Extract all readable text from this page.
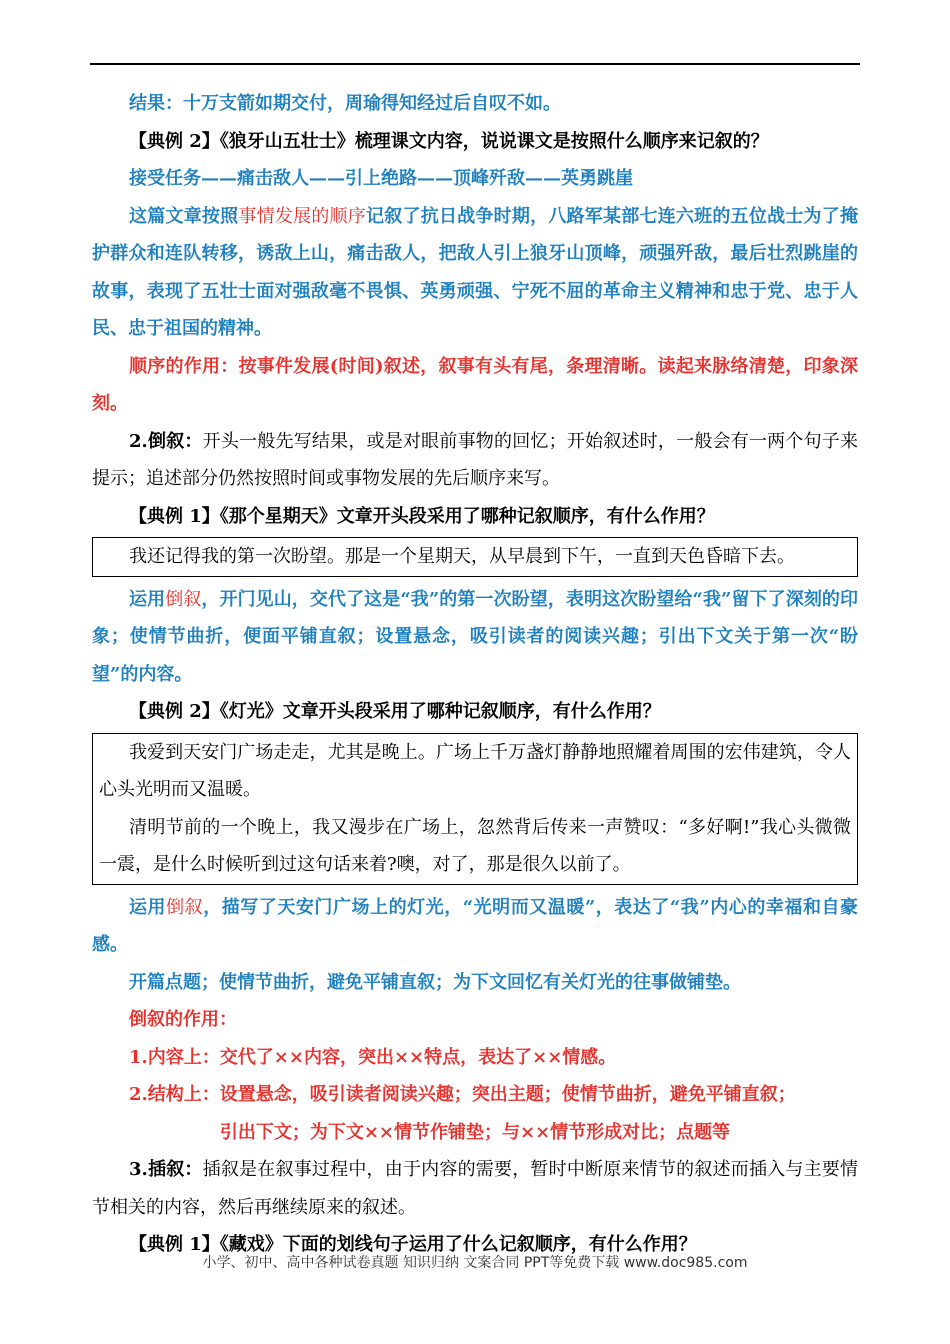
结果：十万支箭如期交付，周瑜得知经过后自叹不如。

【典例 2】《狼牙山五壮士》梳理课文内容，说说课文是按照什么顺序来记叙的？

接受任务——痛击敌人——引上绝路——顶峰歼敌——英勇跳崖

这篇文章按照事情发展的顺序记叙了抗日战争时期，八路军某部七连六班的五位战士为了掩护群众和连队转移，诱敌上山，痛击敌人，把敌人引上狼牙山顶峰，顽强歼敌，最后壮烈跳崖的故事，表现了五壮士面对强敌毫不畏惧、英勇顽强、宁死不屈的革命主义精神和忠于党、忠于人民、忠于祖国的精神。

顺序的作用：按事件发展(时间)叙述，叙事有头有尾，条理清晰。读起来脉络清楚，印象深刻。

2.倒叙：开头一般先写结果，或是对眼前事物的回忆；开始叙述时，一般会有一两个句子来提示；追述部分仍然按照时间或事物发展的先后顺序来写。

【典例 1】《那个星期天》文章开头段采用了哪种记叙顺序，有什么作用？

我还记得我的第一次盼望。那是一个星期天，从早晨到下午，一直到天色昏暗下去。

运用倒叙，开门见山，交代了这是“我”的第一次盼望，表明这次盼望给“我”留下了深刻的印象；使情节曲折，便面平铺直叙；设置悬念，吸引读者的阅读兴趣；引出下文关于第一次“盼望”的内容。

【典例 2】《灯光》文章开头段采用了哪种记叙顺序，有什么作用？

我爱到天安门广场走走，尤其是晚上。广场上千万盏灯静静地照耀着周围的宏伟建筑，令人心头光明而又温暖。

清明节前的一个晚上，我又漫步在广场上，忽然背后传来一声赞叹：“多好啊!”我心头微微一震，是什么时候听到过这句话来着?噢，对了，那是很久以前了。

运用倒叙，描写了天安门广场上的灯光，“光明而又温暖”，表达了“我”内心的幸福和自豪感。

开篇点题；使情节曲折，避免平铺直叙；为下文回忆有关灯光的往事做铺垫。

倒叙的作用：

1.内容上：交代了××内容，突出××特点，表达了××情感。

2.结构上：设置悬念，吸引读者阅读兴趣；突出主题；使情节曲折，避免平铺直叙；

引出下文；为下文××情节作铺垫；与××情节形成对比；点题等

3.插叙：插叙是在叙事过程中，由于内容的需要，暂时中断原来情节的叙述而插入与主要情节相关的内容，然后再继续原来的叙述。

【典例 1】《藏戏》下面的划线句子运用了什么记叙顺序，有什么作用？

小学、初中、高中各种试卷真题 知识归纳 文案合同 PPT等免费下载 www.doc985.com
